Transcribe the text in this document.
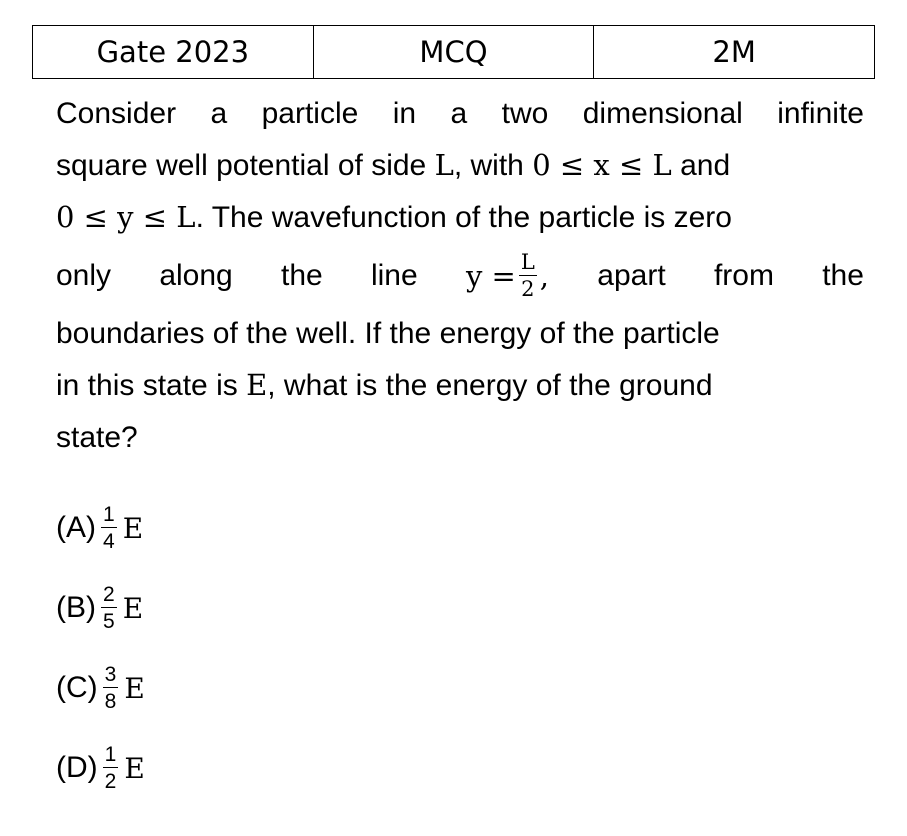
Gate 2023	MCQ	2M
Consider a particle in a two dimensional infinite
square well potential of side L, with 0 ≤ x ≤ L and
0 ≤ y ≤ L. The wavefunction of the particle is zero
only along the line $y = \frac{L}{2}$ , apart from the
boundaries of the well. If the energy of the particle
in this state is E, what is the energy of the ground
state?
$(A) \frac{1}{4}$ E
$(B) \frac{2}{5}$ E
$(C) \frac{3}{8}$ E
$(D) \frac{1}{2}$ E
